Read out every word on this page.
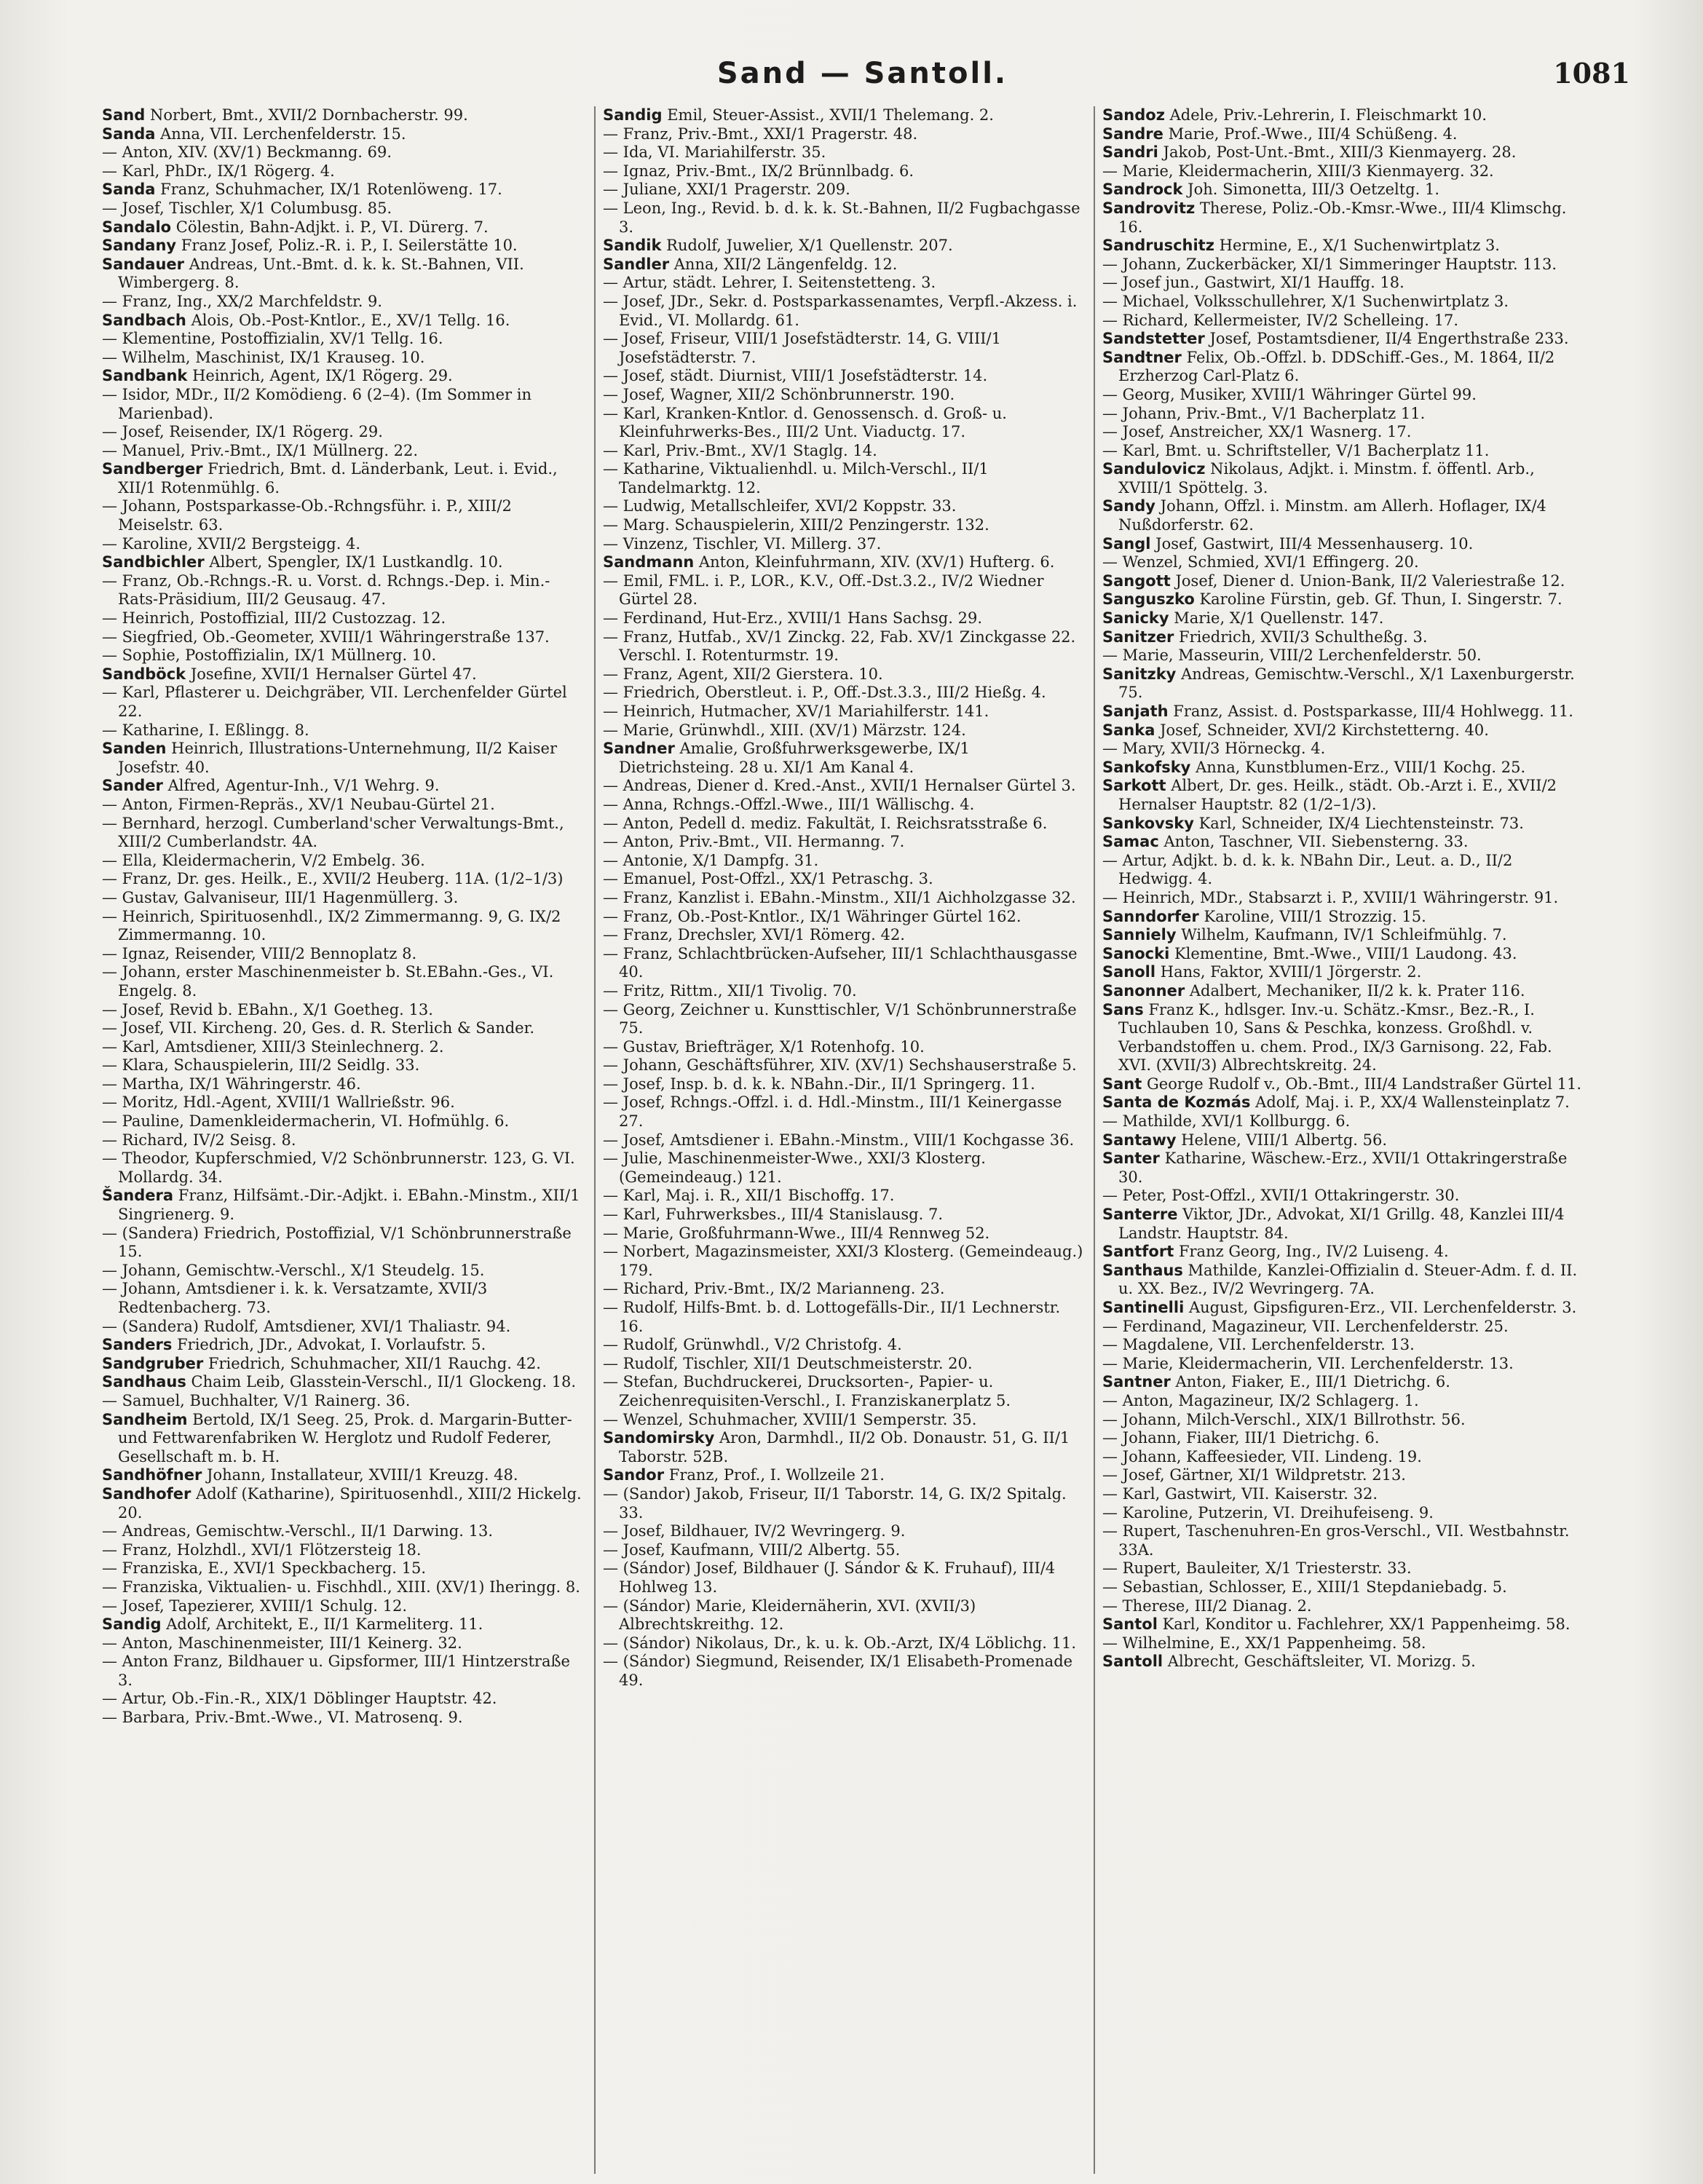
Sand — Santoll.	1081
Sand Norbert, Bmt., XVII/2 Dornbacherstr. 99.
Sanda Anna, VII. Lerchenfelderstr. 15.
— Anton, XIV. (XV/1) Beckmanng. 69.
— Karl, PhDr., IX/1 Rögerg. 4.
Sanda Franz, Schuhmacher, IX/1 Rotenlöweng. 17.
— Josef, Tischler, X/1 Columbusg. 85.
Sandalo Cölestin, Bahn-Adjkt. i. P., VI. Dürerg. 7.
Sandany Franz Josef, Poliz.-R. i. P., I. Seilerstätte 10.
Sandauer Andreas, Unt.-Bmt. d. k. k. St.-Bahnen, VII. Wimbergerg. 8.
— Franz, Ing., XX/2 Marchfeldstr. 9.
Sandbach Alois, Ob.-Post-Kntlor., E., XV/1 Tellg. 16.
— Klementine, Postoffizialin, XV/1 Tellg. 16.
— Wilhelm, Maschinist, IX/1 Krauseg. 10.
Sandbank Heinrich, Agent, IX/1 Rögerg. 29.
— Isidor, MDr., II/2 Komödieng. 6 (2–4). (Im Sommer in Marienbad).
— Josef, Reisender, IX/1 Rögerg. 29.
— Manuel, Priv.-Bmt., IX/1 Müllnerg. 22.
Sandberger Friedrich, Bmt. d. Länderbank, Leut. i. Evid., XII/1 Rotenmühlg. 6.
— Johann, Postsparkasse-Ob.-Rchngsführ. i. P., XIII/2 Meiselstr. 63.
— Karoline, XVII/2 Bergsteigg. 4.
Sandbichler Albert, Spengler, IX/1 Lustkandlg. 10.
— Franz, Ob.-Rchngs.-R. u. Vorst. d. Rchngs.-Dep. i. Min.-Rats-Präsidium, III/2 Geusaug. 47.
— Heinrich, Postoffizial, III/2 Custozzag. 12.
— Siegfried, Ob.-Geometer, XVIII/1 Währingerstraße 137.
— Sophie, Postoffizialin, IX/1 Müllnerg. 10.
Sandböck Josefine, XVII/1 Hernalser Gürtel 47.
— Karl, Pflasterer u. Deichgräber, VII. Lerchenfelder Gürtel 22.
— Katharine, I. Eßlingg. 8.
Sanden Heinrich, Illustrations-Unternehmung, II/2 Kaiser Josefstr. 40.
Sander Alfred, Agentur-Inh., V/1 Wehrg. 9.
— Anton, Firmen-Repräs., XV/1 Neubau-Gürtel 21.
— Bernhard, herzogl. Cumberland'scher Verwaltungs-Bmt., XIII/2 Cumberlandstr. 4A.
— Ella, Kleidermacherin, V/2 Embelg. 36.
— Franz, Dr. ges. Heilk., E., XVII/2 Heuberg. 11A. (1/2–1/3)
— Gustav, Galvaniseur, III/1 Hagenmüllerg. 3.
— Heinrich, Spirituosenhdl., IX/2 Zimmermanng. 9, G. IX/2 Zimmermanng. 10.
— Ignaz, Reisender, VIII/2 Bennoplatz 8.
— Johann, erster Maschinenmeister b. St.EBahn.-Ges., VI. Engelg. 8.
— Josef, Revid b. EBahn., X/1 Goetheg. 13.
— Josef, VII. Kircheng. 20, Ges. d. R. Sterlich & Sander.
— Karl, Amtsdiener, XIII/3 Steinlechnerg. 2.
— Klara, Schauspielerin, III/2 Seidlg. 33.
— Martha, IX/1 Währingerstr. 46.
— Moritz, Hdl.-Agent, XVIII/1 Wallrießstr. 96.
— Pauline, Damenkleidermacherin, VI. Hofmühlg. 6.
— Richard, IV/2 Seisg. 8.
— Theodor, Kupferschmied, V/2 Schönbrunnerstr. 123, G. VI. Mollardg. 34.
Šandera Franz, Hilfsämt.-Dir.-Adjkt. i. EBahn.-Minstm., XII/1 Singrienerg. 9.
— (Sandera) Friedrich, Postoffizial, V/1 Schönbrunnerstraße 15.
— Johann, Gemischtw.-Verschl., X/1 Steudelg. 15.
— Johann, Amtsdiener i. k. k. Versatzamte, XVII/3 Redtenbacherg. 73.
— (Sandera) Rudolf, Amtsdiener, XVI/1 Thaliastr. 94.
Sanders Friedrich, JDr., Advokat, I. Vorlaufstr. 5.
Sandgruber Friedrich, Schuhmacher, XII/1 Rauchg. 42.
Sandhaus Chaim Leib, Glasstein-Verschl., II/1 Glockeng. 18.
— Samuel, Buchhalter, V/1 Rainerg. 36.
Sandheim Bertold, IX/1 Seeg. 25, Prok. d. Margarin-Butter- und Fettwarenfabriken W. Herglotz und Rudolf Federer, Gesellschaft m. b. H.
Sandhöfner Johann, Installateur, XVIII/1 Kreuzg. 48.
Sandhofer Adolf (Katharine), Spirituosenhdl., XIII/2 Hickelg. 20.
— Andreas, Gemischtw.-Verschl., II/1 Darwing. 13.
— Franz, Holzhdl., XVI/1 Flötzersteig 18.
— Franziska, E., XVI/1 Speckbacherg. 15.
— Franziska, Viktualien- u. Fischhdl., XIII. (XV/1) Iheringg. 8.
— Josef, Tapezierer, XVIII/1 Schulg. 12.
Sandig Adolf, Architekt, E., II/1 Karmeliterg. 11.
— Anton, Maschinenmeister, III/1 Keinerg. 32.
— Anton Franz, Bildhauer u. Gipsformer, III/1 Hintzerstraße 3.
— Artur, Ob.-Fin.-R., XIX/1 Döblinger Hauptstr. 42.
— Barbara, Priv.-Bmt.-Wwe., VI. Matrosenq. 9.
Sandig Emil, Steuer-Assist., XVII/1 Thelemang. 2.
— Franz, Priv.-Bmt., XXI/1 Pragerstr. 48.
— Ida, VI. Mariahilferstr. 35.
— Ignaz, Priv.-Bmt., IX/2 Brünnlbadg. 6.
— Juliane, XXI/1 Pragerstr. 209.
— Leon, Ing., Revid. b. d. k. k. St.-Bahnen, II/2 Fugbachgasse 3.
Sandik Rudolf, Juwelier, X/1 Quellenstr. 207.
Sandler Anna, XII/2 Längenfeldg. 12.
— Artur, städt. Lehrer, I. Seitenstetteng. 3.
— Josef, JDr., Sekr. d. Postsparkassenamtes, Verpfl.-Akzess. i. Evid., VI. Mollardg. 61.
— Josef, Friseur, VIII/1 Josefstädterstr. 14, G. VIII/1 Josefstädterstr. 7.
— Josef, städt. Diurnist, VIII/1 Josefstädterstr. 14.
— Josef, Wagner, XII/2 Schönbrunnerstr. 190.
— Karl, Kranken-Kntlor. d. Genossensch. d. Groß- u. Kleinfuhrwerks-Bes., III/2 Unt. Viaductg. 17.
— Karl, Priv.-Bmt., XV/1 Staglg. 14.
— Katharine, Viktualienhdl. u. Milch-Verschl., II/1 Tandelmarktg. 12.
— Ludwig, Metallschleifer, XVI/2 Koppstr. 33.
— Marg. Schauspielerin, XIII/2 Penzingerstr. 132.
— Vinzenz, Tischler, VI. Millerg. 37.
Sandmann Anton, Kleinfuhrmann, XIV. (XV/1) Hufterg. 6.
— Emil, FML. i. P., LOR., K.V., Off.-Dst.3.2., IV/2 Wiedner Gürtel 28.
— Ferdinand, Hut-Erz., XVIII/1 Hans Sachsg. 29.
— Franz, Hutfab., XV/1 Zinckg. 22, Fab. XV/1 Zinckgasse 22. Verschl. I. Rotenturmstr. 19.
— Franz, Agent, XII/2 Gierstera. 10.
— Friedrich, Oberstleut. i. P., Off.-Dst.3.3., III/2 Hießg. 4.
— Heinrich, Hutmacher, XV/1 Mariahilferstr. 141.
— Marie, Grünwhdl., XIII. (XV/1) Märzstr. 124.
Sandner Amalie, Großfuhrwerksgewerbe, IX/1 Dietrichsteing. 28 u. XI/1 Am Kanal 4.
— Andreas, Diener d. Kred.-Anst., XVII/1 Hernalser Gürtel 3.
— Anna, Rchngs.-Offzl.-Wwe., III/1 Wällischg. 4.
— Anton, Pedell d. mediz. Fakultät, I. Reichsratsstraße 6.
— Anton, Priv.-Bmt., VII. Hermanng. 7.
— Antonie, X/1 Dampfg. 31.
— Emanuel, Post-Offzl., XX/1 Petraschg. 3.
— Franz, Kanzlist i. EBahn.-Minstm., XII/1 Aichholzgasse 32.
— Franz, Ob.-Post-Kntlor., IX/1 Währinger Gürtel 162.
— Franz, Drechsler, XVI/1 Römerg. 42.
— Franz, Schlachtbrücken-Aufseher, III/1 Schlachthausgasse 40.
— Fritz, Rittm., XII/1 Tivolig. 70.
— Georg, Zeichner u. Kunsttischler, V/1 Schönbrunnerstraße 75.
— Gustav, Briefträger, X/1 Rotenhofg. 10.
— Johann, Geschäftsführer, XIV. (XV/1) Sechshauserstraße 5.
— Josef, Insp. b. d. k. k. NBahn.-Dir., II/1 Springerg. 11.
— Josef, Rchngs.-Offzl. i. d. Hdl.-Minstm., III/1 Keinergasse 27.
— Josef, Amtsdiener i. EBahn.-Minstm., VIII/1 Kochgasse 36.
— Julie, Maschinenmeister-Wwe., XXI/3 Klosterg. (Gemeindeaug.) 121.
— Karl, Maj. i. R., XII/1 Bischoffg. 17.
— Karl, Fuhrwerksbes., III/4 Stanislausg. 7.
— Marie, Großfuhrmann-Wwe., III/4 Rennweg 52.
— Norbert, Magazinsmeister, XXI/3 Klosterg. (Gemeindeaug.) 179.
— Richard, Priv.-Bmt., IX/2 Marianneng. 23.
— Rudolf, Hilfs-Bmt. b. d. Lottogefälls-Dir., II/1 Lechnerstr. 16.
— Rudolf, Grünwhdl., V/2 Christofg. 4.
— Rudolf, Tischler, XII/1 Deutschmeisterstr. 20.
— Stefan, Buchdruckerei, Drucksorten-, Papier- u. Zeichenrequisiten-Verschl., I. Franziskanerplatz 5.
— Wenzel, Schuhmacher, XVIII/1 Semperstr. 35.
Sandomirsky Aron, Darmhdl., II/2 Ob. Donaustr. 51, G. II/1 Taborstr. 52B.
Sandor Franz, Prof., I. Wollzeile 21.
— (Sandor) Jakob, Friseur, II/1 Taborstr. 14, G. IX/2 Spitalg. 33.
— Josef, Bildhauer, IV/2 Wevringerg. 9.
— Josef, Kaufmann, VIII/2 Albertg. 55.
— (Sándor) Josef, Bildhauer (J. Sándor & K. Fruhauf), III/4 Hohlweg 13.
— (Sándor) Marie, Kleidernäherin, XVI. (XVII/3) Albrechtskreithg. 12.
— (Sándor) Nikolaus, Dr., k. u. k. Ob.-Arzt, IX/4 Löblichg. 11.
— (Sándor) Siegmund, Reisender, IX/1 Elisabeth-Promenade 49.
Sandoz Adele, Priv.-Lehrerin, I. Fleischmarkt 10.
Sandre Marie, Prof.-Wwe., III/4 Schüßeng. 4.
Sandri Jakob, Post-Unt.-Bmt., XIII/3 Kienmayerg. 28.
— Marie, Kleidermacherin, XIII/3 Kienmayerg. 32.
Sandrock Joh. Simonetta, III/3 Oetzeltg. 1.
Sandrovitz Therese, Poliz.-Ob.-Kmsr.-Wwe., III/4 Klimschg. 16.
Sandruschitz Hermine, E., X/1 Suchenwirtplatz 3.
— Johann, Zuckerbäcker, XI/1 Simmeringer Hauptstr. 113.
— Josef jun., Gastwirt, XI/1 Hauffg. 18.
— Michael, Volksschullehrer, X/1 Suchenwirtplatz 3.
— Richard, Kellermeister, IV/2 Schelleing. 17.
Sandstetter Josef, Postamtsdiener, II/4 Engerthstraße 233.
Sandtner Felix, Ob.-Offzl. b. DDSchiff.-Ges., M. 1864, II/2 Erzherzog Carl-Platz 6.
— Georg, Musiker, XVIII/1 Währinger Gürtel 99.
— Johann, Priv.-Bmt., V/1 Bacherplatz 11.
— Josef, Anstreicher, XX/1 Wasnerg. 17.
— Karl, Bmt. u. Schriftsteller, V/1 Bacherplatz 11.
Sandulovicz Nikolaus, Adjkt. i. Minstm. f. öffentl. Arb., XVIII/1 Spöttelg. 3.
Sandy Johann, Offzl. i. Minstm. am Allerh. Hoflager, IX/4 Nußdorferstr. 62.
Sangl Josef, Gastwirt, III/4 Messenhauserg. 10.
— Wenzel, Schmied, XVI/1 Effingerg. 20.
Sangott Josef, Diener d. Union-Bank, II/2 Valeriestraße 12.
Sanguszko Karoline Fürstin, geb. Gf. Thun, I. Singerstr. 7.
Sanicky Marie, X/1 Quellenstr. 147.
Sanitzer Friedrich, XVII/3 Schultheßg. 3.
— Marie, Masseurin, VIII/2 Lerchenfelderstr. 50.
Sanitzky Andreas, Gemischtw.-Verschl., X/1 Laxenburgerstr. 75.
Sanjath Franz, Assist. d. Postsparkasse, III/4 Hohlwegg. 11.
Sanka Josef, Schneider, XVI/2 Kirchstetterng. 40.
— Mary, XVII/3 Hörneckg. 4.
Sankofsky Anna, Kunstblumen-Erz., VIII/1 Kochg. 25.
Sarkott Albert, Dr. ges. Heilk., städt. Ob.-Arzt i. E., XVII/2 Hernalser Hauptstr. 82 (1/2–1/3).
Sankovsky Karl, Schneider, IX/4 Liechtensteinstr. 73.
Samac Anton, Taschner, VII. Siebensterng. 33.
— Artur, Adjkt. b. d. k. k. NBahn Dir., Leut. a. D., II/2 Hedwigg. 4.
— Heinrich, MDr., Stabsarzt i. P., XVIII/1 Währingerstr. 91.
Sanndorfer Karoline, VIII/1 Strozzig. 15.
Sanniely Wilhelm, Kaufmann, IV/1 Schleifmühlg. 7.
Sanocki Klementine, Bmt.-Wwe., VIII/1 Laudong. 43.
Sanoll Hans, Faktor, XVIII/1 Jörgerstr. 2.
Sanonner Adalbert, Mechaniker, II/2 k. k. Prater 116.
Sans Franz K., hdlsger. Inv.-u. Schätz.-Kmsr., Bez.-R., I. Tuchlauben 10, Sans & Peschka, konzess. Großhdl. v. Verbandstoffen u. chem. Prod., IX/3 Garnisong. 22, Fab. XVI. (XVII/3) Albrechtskreitg. 24.
Sant George Rudolf v., Ob.-Bmt., III/4 Landstraßer Gürtel 11.
Santa de Kozmás Adolf, Maj. i. P., XX/4 Wallensteinplatz 7.
— Mathilde, XVI/1 Kollburgg. 6.
Santawy Helene, VIII/1 Albertg. 56.
Santer Katharine, Wäschew.-Erz., XVII/1 Ottakringerstraße 30.
— Peter, Post-Offzl., XVII/1 Ottakringerstr. 30.
Santerre Viktor, JDr., Advokat, XI/1 Grillg. 48, Kanzlei III/4 Landstr. Hauptstr. 84.
Santfort Franz Georg, Ing., IV/2 Luiseng. 4.
Santhaus Mathilde, Kanzlei-Offizialin d. Steuer-Adm. f. d. II. u. XX. Bez., IV/2 Wevringerg. 7A.
Santinelli August, Gipsfiguren-Erz., VII. Lerchenfelderstr. 3.
— Ferdinand, Magazineur, VII. Lerchenfelderstr. 25.
— Magdalene, VII. Lerchenfelderstr. 13.
— Marie, Kleidermacherin, VII. Lerchenfelderstr. 13.
Santner Anton, Fiaker, E., III/1 Dietrichg. 6.
— Anton, Magazineur, IX/2 Schlagerg. 1.
— Johann, Milch-Verschl., XIX/1 Billrothstr. 56.
— Johann, Fiaker, III/1 Dietrichg. 6.
— Johann, Kaffeesieder, VII. Lindeng. 19.
— Josef, Gärtner, XI/1 Wildpretstr. 213.
— Karl, Gastwirt, VII. Kaiserstr. 32.
— Karoline, Putzerin, VI. Dreihufeiseng. 9.
— Rupert, Taschenuhren-En gros-Verschl., VII. Westbahnstr. 33A.
— Rupert, Bauleiter, X/1 Triesterstr. 33.
— Sebastian, Schlosser, E., XIII/1 Stepdaniebadg. 5.
— Therese, III/2 Dianag. 2.
Santol Karl, Konditor u. Fachlehrer, XX/1 Pappenheimg. 58.
— Wilhelmine, E., XX/1 Pappenheimg. 58.
Santoll Albrecht, Geschäftsleiter, VI. Morizg. 5.
